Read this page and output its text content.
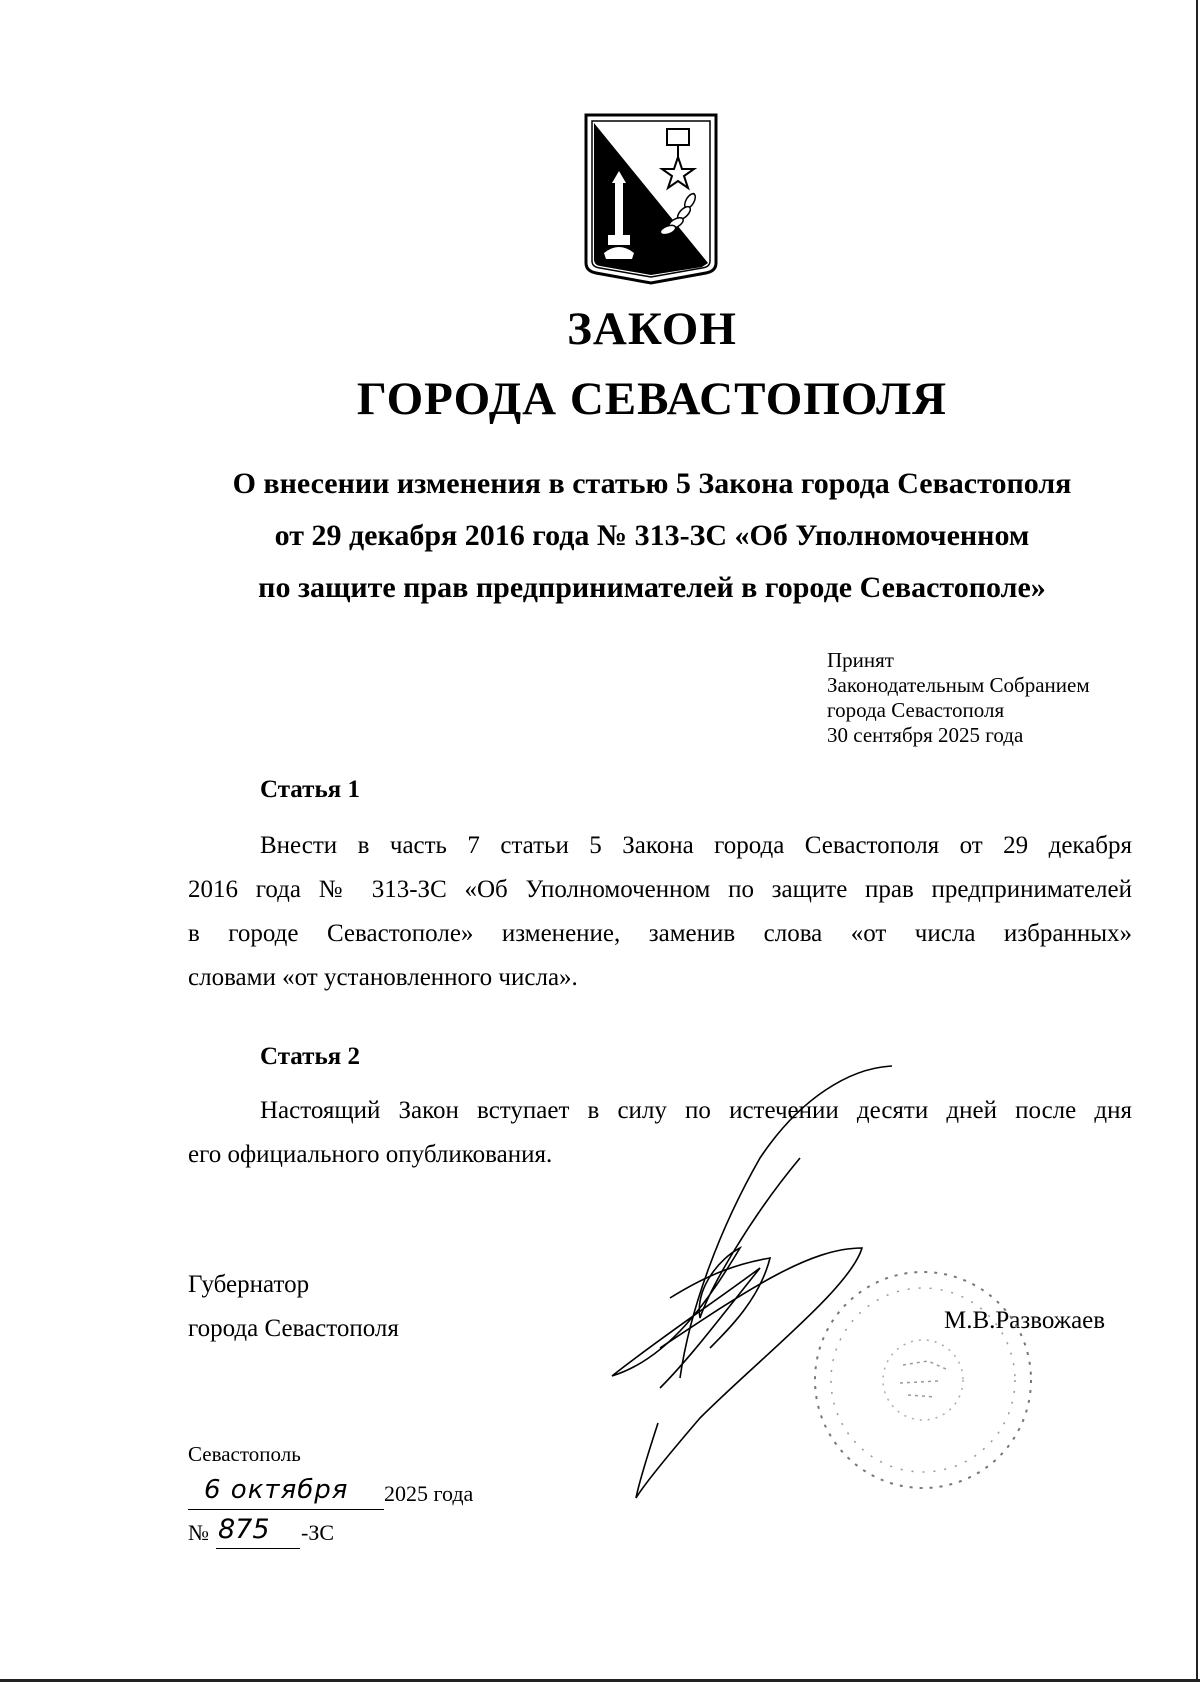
ЗАКОН
ГОРОДА СЕВАСТОПОЛЯ
О внесении изменения в статью 5 Закона города Севастополя
от 29 декабря 2016 года № 313-ЗС «Об Уполномоченном
по защите прав предпринимателей в городе Севастополе»
Принят
Законодательным Собранием
города Севастополя
30 сентября 2025 года
Статья 1
Внести в часть 7 статьи 5 Закона города Севастополя от 29 декабря
2016 года № 313-ЗС «Об Уполномоченном по защите прав предпринимателей
в городе Севастополе» изменение, заменив слова «от числа избранных»
словами «от установленного числа».
Статья 2
Настоящий Закон вступает в силу по истечении десяти дней после дня
его официального опубликования.
Губернатор
города Севастополя	М.В.Развожаев
Севастополь
6 октября 2025 года
№ 875 -ЗС
